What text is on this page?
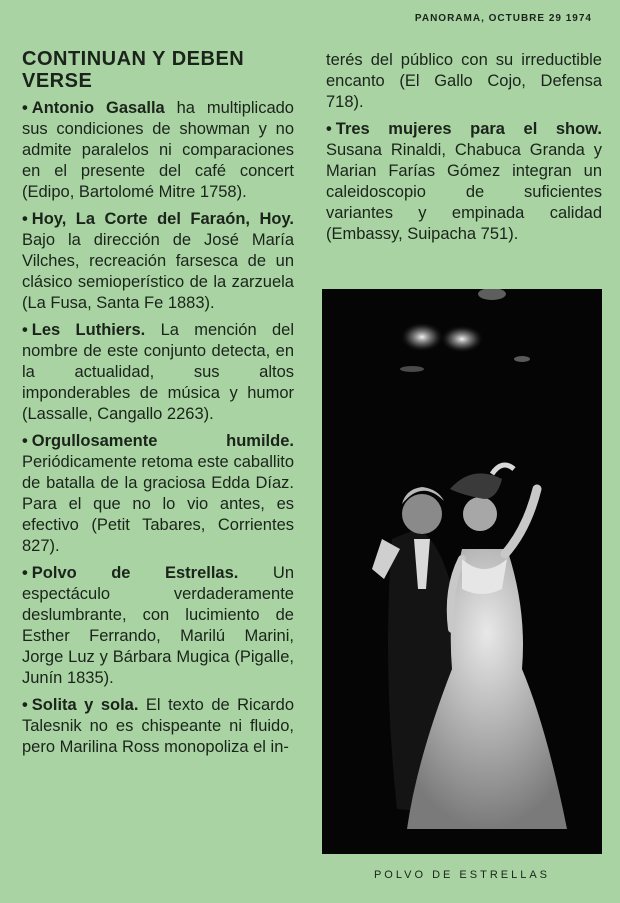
PANORAMA, OCTUBRE 29 1974
CONTINUAN Y DEBEN VERSE

• Antonio Gasalla ha multiplicado sus condiciones de showman y no admite paralelos ni comparaciones en el presente del café concert (Edipo, Bartolomé Mitre 1758).

• Hoy, La Corte del Faraón, Hoy. Bajo la dirección de José María Vilches, recreación farsesca de un clásico semioperístico de la zarzuela (La Fusa, Santa Fe 1883).

• Les Luthiers. La mención del nombre de este conjunto detecta, en la actualidad, sus altos imponderables de música y humor (Lassalle, Cangallo 2263).

• Orgullosamente humilde. Periódicamente retoma este caballito de batalla de la graciosa Edda Díaz. Para el que no lo vio antes, es efectivo (Petit Tabares, Corrientes 827).

• Polvo de Estrellas. Un espectáculo verdaderamente deslumbrante, con lucimiento de Esther Ferrando, Marilú Marini, Jorge Luz y Bárbara Mugica (Pigalle, Junín 1835).

• Solita y sola. El texto de Ricardo Talesnik no es chispeante ni fluido, pero Marilina Ross monopoliza el in-

terés del público con su irreductible encanto (El Gallo Cojo, Defensa 718).

• Tres mujeres para el show. Susana Rinaldi, Chabuca Granda y Marian Farías Gómez integran un caleidoscopio de suficientes variantes y empinada calidad (Embassy, Suipacha 751).

POLVO DE ESTRELLAS
